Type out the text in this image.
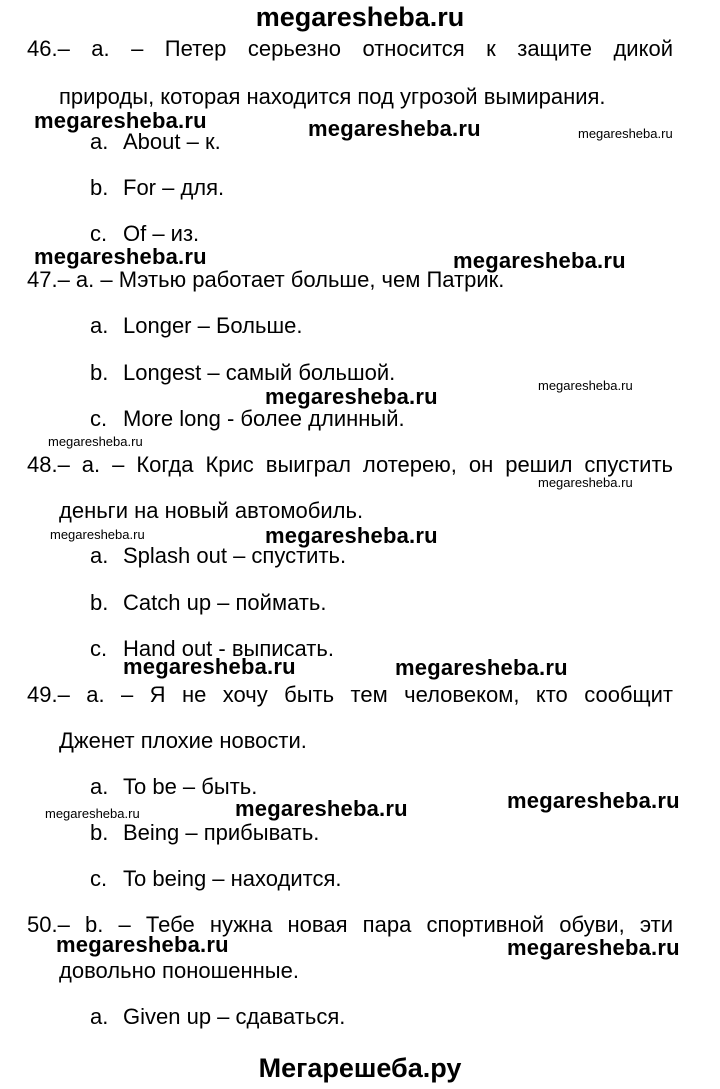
megaresheba.ru
46.– a. – Петер серьезно относится к защите дикой
природы, которая находится под угрозой вымирания.
a. About – к.
b. For – для.
c. Of – из.
47.– a. – Мэтью работает больше, чем Патрик.
a. Longer – Больше.
b. Longest – самый большой.
c. More long - более длинный.
48.– a. – Когда Крис выиграл лотерею, он решил спустить
деньги на новый автомобиль.
a. Splash out – спустить.
b. Catch up – поймать.
c. Hand out - выписать.
49.– a. – Я не хочу быть тем человеком, кто сообщит
Дженет плохие новости.
a. To be – быть.
b. Being – прибывать.
c. To being – находится.
50.– b. – Тебе нужна новая пара спортивной обуви, эти
довольно поношенные.
a. Given up – сдаваться.
megaresheba.ru	megaresheba.ru	megaresheba.ru
megaresheba.ru	megaresheba.ru
megaresheba.ru	megaresheba.ru
megaresheba.ru
megaresheba.ru
megaresheba.ru	megaresheba.ru
megaresheba.ru	megaresheba.ru
megaresheba.ru	megaresheba.ru	megaresheba.ru
megaresheba.ru	megaresheba.ru
Мегарешеба.ру
